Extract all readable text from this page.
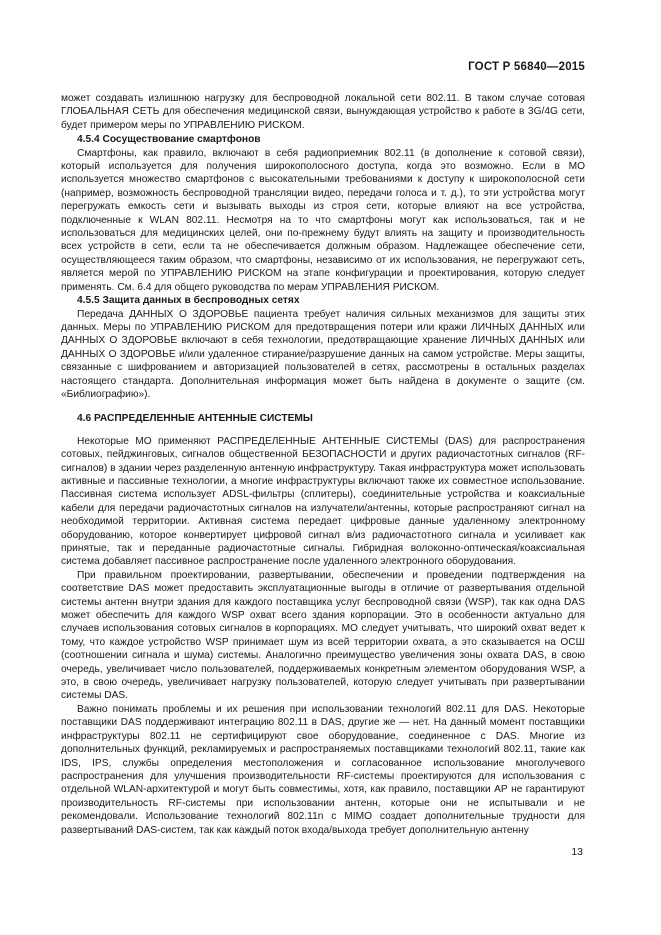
ГОСТ Р 56840—2015

может создавать излишнюю нагрузку для беспроводной локальной сети 802.11. В таком случае сотовая ГЛОБАЛЬНАЯ СЕТЬ для обеспечения медицинской связи, вынуждающая устройство к работе в 3G/4G сети, будет примером меры по УПРАВЛЕНИЮ РИСКОМ.

4.5.4 Сосуществование смартфонов

Смартфоны, как правило, включают в себя радиоприемник 802.11 (в дополнение к сотовой связи), который используется для получения широкополосного доступа, когда это возможно. Если в МО используется множество смартфонов с высокательными требованиями к доступу к широкополосной сети (например, возможность беспроводной трансляции видео, передачи голоса и т. д.), то эти устройства могут перегружать емкость сети и вызывать выходы из строя сети, которые влияют на все устройства, подключенные к WLAN 802.11. Несмотря на то что смартфоны могут как использоваться, так и не использоваться для медицинских целей, они по-прежнему будут влиять на защиту и производительность всех устройств в сети, если та не обеспечивается должным образом. Надлежащее обеспечение сети, осуществляющееся таким образом, что смартфоны, независимо от их использования, не перегружают сеть, является мерой по УПРАВЛЕНИЮ РИСКОМ на этапе конфигурации и проектирования, которую следует применять. См. 6.4 для общего руководства по мерам УПРАВЛЕНИЯ РИСКОМ.

4.5.5 Защита данных в беспроводных сетях

Передача ДАННЫХ О ЗДОРОВЬЕ пациента требует наличия сильных механизмов для защиты этих данных. Меры по УПРАВЛЕНИЮ РИСКОМ для предотвращения потери или кражи ЛИЧНЫХ ДАННЫХ или ДАННЫХ О ЗДОРОВЬЕ включают в себя технологии, предотвращающие хранение ЛИЧНЫХ ДАННЫХ или ДАННЫХ О ЗДОРОВЬЕ и/или удаленное стирание/разрушение данных на самом устройстве. Меры защиты, связанные с шифрованием и авторизацией пользователей в сетях, рассмотрены в остальных разделах настоящего стандарта. Дополнительная информация может быть найдена в документе о защите (см. «Библиографию»).

4.6 РАСПРЕДЕЛЕННЫЕ АНТЕННЫЕ СИСТЕМЫ

Некоторые МО применяют РАСПРЕДЕЛЕННЫЕ АНТЕННЫЕ СИСТЕМЫ (DAS) для распространения сотовых, пейджинговых, сигналов общественной БЕЗОПАСНОСТИ и других радиочастотных сигналов (RF-сигналов) в здании через разделенную антенную инфраструктуру. Такая инфраструктура может использовать активные и пассивные технологии, а многие инфраструктуры включают также их совместное использование. Пассивная система использует ADSL-фильтры (сплитеры), соединительные устройства и коаксиальные кабели для передачи радиочастотных сигналов на излучатели/антенны, которые распространяют сигнал на необходимой территории. Активная система передает цифровые данные удаленному электронному оборудованию, которое конвертирует цифровой сигнал в/из радиочастотного сигнала и усиливает как принятые, так и переданные радиочастотные сигналы. Гибридная волоконно-оптическая/коаксиальная система добавляет пассивное распространение после удаленного электронного оборудования.

При правильном проектировании, развертывании, обеспечении и проведении подтверждения на соответствие DAS может предоставить эксплуатационные выгоды в отличие от развертывания отдельной системы антенн внутри здания для каждого поставщика услуг беспроводной связи (WSP), так как одна DAS может обеспечить для каждого WSP охват всего здания корпорации. Это в особенности актуально для случаев использования сотовых сигналов в корпорациях. МО следует учитывать, что широкий охват ведет к тому, что каждое устройство WSP принимает шум из всей территории охвата, а это сказывается на ОСШ (соотношении сигнала и шума) системы. Аналогично преимущество увеличения зоны охвата DAS, в свою очередь, увеличивает число пользователей, поддерживаемых конкретным элементом оборудования WSP, а это, в свою очередь, увеличивает нагрузку пользователей, которую следует учитывать при развертывании системы DAS.

Важно понимать проблемы и их решения при использовании технологий 802.11 для DAS. Некоторые поставщики DAS поддерживают интеграцию 802.11 в DAS, другие же — нет. На данный момент поставщики инфраструктуры 802.11 не сертифицируют свое оборудование, соединенное с DAS. Многие из дополнительных функций, рекламируемых и распространяемых поставщиками технологий 802.11, такие как IDS, IPS, службы определения местоположения и согласованное использование многолучевого распространения для улучшения производительности RF-системы проектируются для использования с отдельной WLAN-архитектурой и могут быть совместимы, хотя, как правило, поставщики АР не гарантируют производительность RF-системы при использовании антенн, которые они не испытывали и не рекомендовали. Использование технологий 802.11n с MIMO создает дополнительные трудности для развертываний DAS-систем, так как каждый поток входа/выхода требует дополнительную антенну

13
